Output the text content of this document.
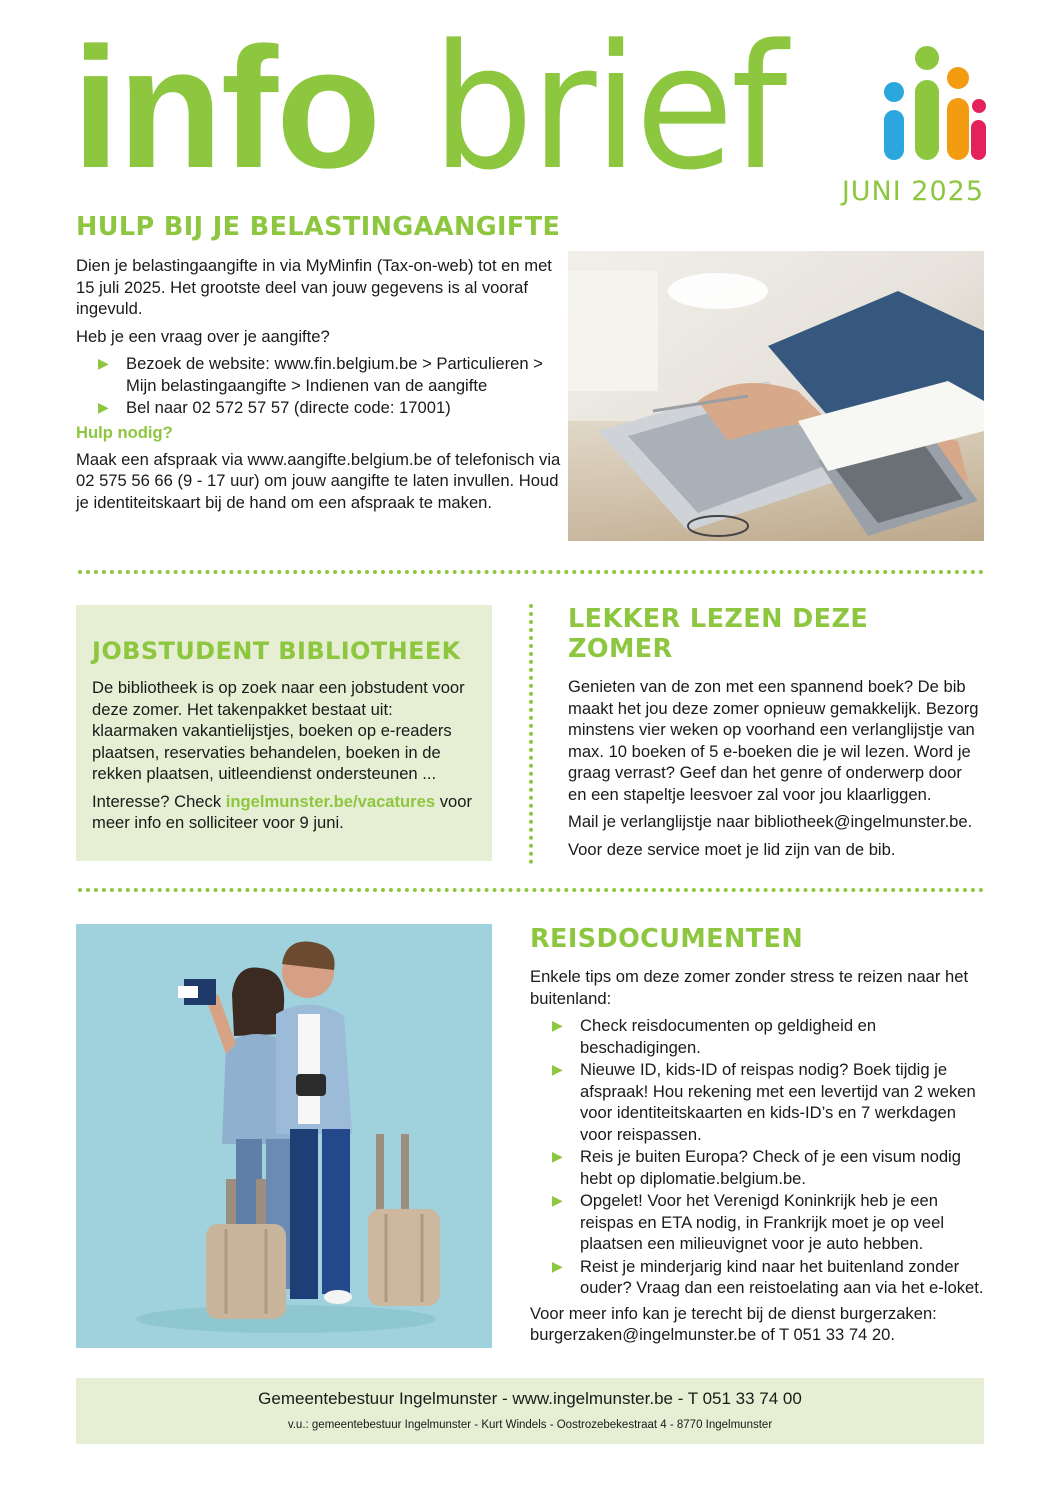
info brief JUNI 2025
HULP BIJ JE BELASTINGAANGIFTE

Dien je belastingaangifte in via MyMinfin (Tax-on-web) tot en met 15 juli 2025. Het grootste deel van jouw gegevens is al vooraf ingevuld.

Heb je een vraag over je aangifte?

▶ Bezoek de website: www.fin.belgium.be > Particulieren > Mijn belastingaangifte > Indienen van de aangifte
▶ Bel naar 02 572 57 57 (directe code: 17001)
Hulp nodig?

Maak een afspraak via www.aangifte.belgium.be of telefonisch via 02 575 56 66 (9 - 17 uur) om jouw aangifte te laten invullen. Houd je identiteitskaart bij de hand om een afspraak te maken.

JOBSTUDENT BIBLIOTHEEK

De bibliotheek is op zoek naar een jobstudent voor deze zomer. Het takenpakket bestaat uit: klaarmaken vakantielijstjes, boeken op e-readers plaatsen, reservaties behandelen, boeken in de rekken plaatsen, uitleendienst ondersteunen ...

Interesse? Check ingelmunster.be/vacatures voor meer info en solliciteer voor 9 juni.

LEKKER LEZEN DEZE ZOMER

Genieten van de zon met een spannend boek? De bib maakt het jou deze zomer opnieuw gemakkelijk. Bezorg minstens vier weken op voorhand een verlanglijstje van max. 10 boeken of 5 e-boeken die je wil lezen. Word je graag verrast? Geef dan het genre of onderwerp door en een stapeltje leesvoer zal voor jou klaarliggen.

Mail je verlanglijstje naar bibliotheek@ingelmunster.be.

Voor deze service moet je lid zijn van de bib.

REISDOCUMENTEN

Enkele tips om deze zomer zonder stress te reizen naar het buitenland:

▶ Check reisdocumenten op geldigheid en beschadigingen.
▶ Nieuwe ID, kids-ID of reispas nodig? Boek tijdig je afspraak! Hou rekening met een levertijd van 2 weken voor identiteitskaarten en kids-ID’s en 7 werkdagen voor reispassen.
▶ Reis je buiten Europa? Check of je een visum nodig hebt op diplomatie.belgium.be.
▶ Opgelet! Voor het Verenigd Koninkrijk heb je een reispas en ETA nodig, in Frankrijk moet je op veel plaatsen een milieuvignet voor je auto hebben.
▶ Reist je minderjarig kind naar het buitenland zonder ouder? Vraag dan een reistoelating aan via het e-loket.

Voor meer info kan je terecht bij de dienst burgerzaken: burgerzaken@ingelmunster.be of T 051 33 74 20.

Gemeentebestuur Ingelmunster - www.ingelmunster.be - T 051 33 74 00
v.u.: gemeentebestuur Ingelmunster - Kurt Windels - Oostrozebekestraat 4 - 8770 Ingelmunster
